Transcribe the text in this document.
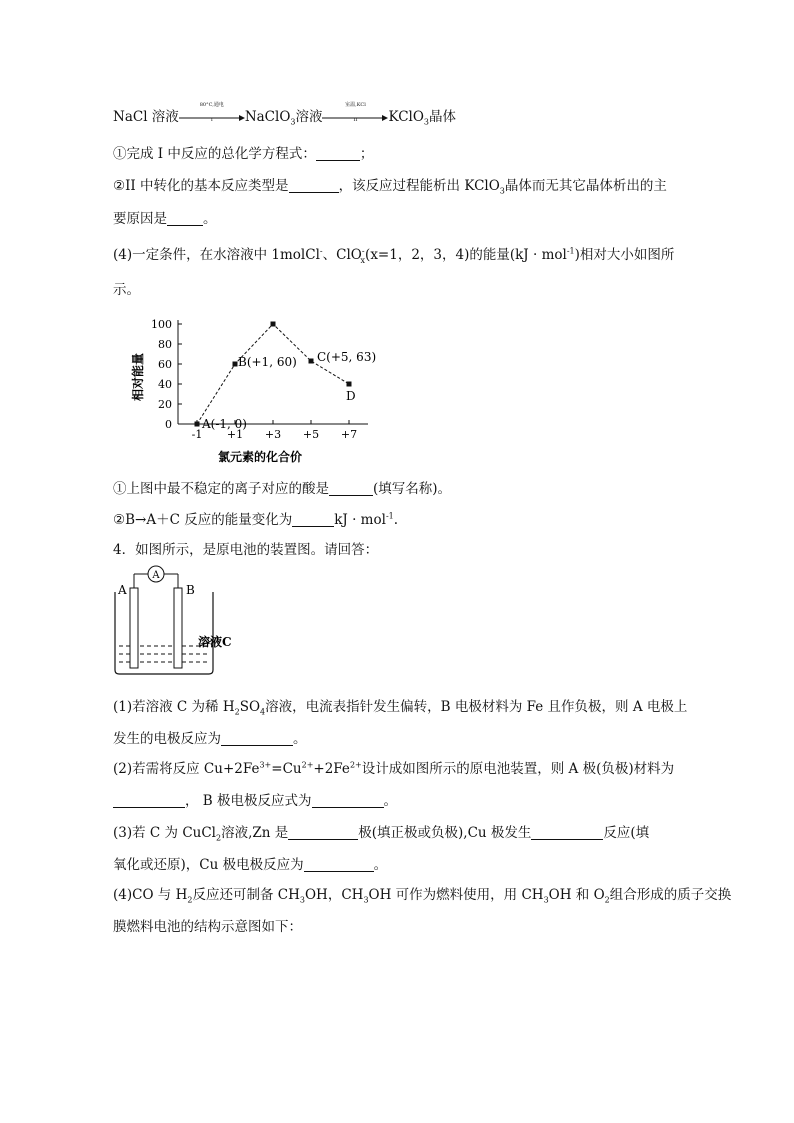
NaCl 溶液
80°C,通电
I	NaClO$_3$溶液
室温,KCl
II	KClO$_3$晶体
①完成 I 中反应的总化学方程式：	；
②II 中转化的基本反应类型是	，该反应过程能析出 KClO$_3$晶体而无其它晶体析出的主
要原因是	。
(4)一定条件，在水溶液中 1molCl-、ClO-$_x$(x=1，2，3，4)的能量(kJ · mol$^{-1}$)相对大小如图所
示。
相对能量
0
20
40
60
80
100
-1 +1 +3 +5 +7
A(-1, 0)
B(+1, 60) C(+5, 63)
D
氯元素的化合价
①上图中最不稳定的离子对应的酸是	(填写名称)。
②B→A＋C 反应的能量变化为	kJ · mol$^{-1}$.
4．如图所示，是原电池的装置图。请回答：
A
A	B
溶液C
(1)若溶液 C 为稀 $H_2SO_4$溶液，电流表指针发生偏转，B 电极材料为 Fe 且作负极，则 A 电极上
发生的电极反应为	。
(2)若需将反应 $Cu+2Fe^{3+}=Cu^{2+}+2Fe^{2+}$设计成如图所示的原电池装置，则 A 极(负极)材料为
， B 极电极反应式为	。
(3)若 C 为 CuCl$_2$溶液,Zn 是	极(填正极或负极),Cu 极发生	反应(填
氧化或还原)，Cu 极电极反应为	。
(4)CO 与 $H_2$反应还可制备 $CH_3OH$，$CH_3OH$ 可作为燃料使用，用 $CH_3OH$ 和 $O_2$组合形成的质子交换
膜燃料电池的结构示意图如下：
